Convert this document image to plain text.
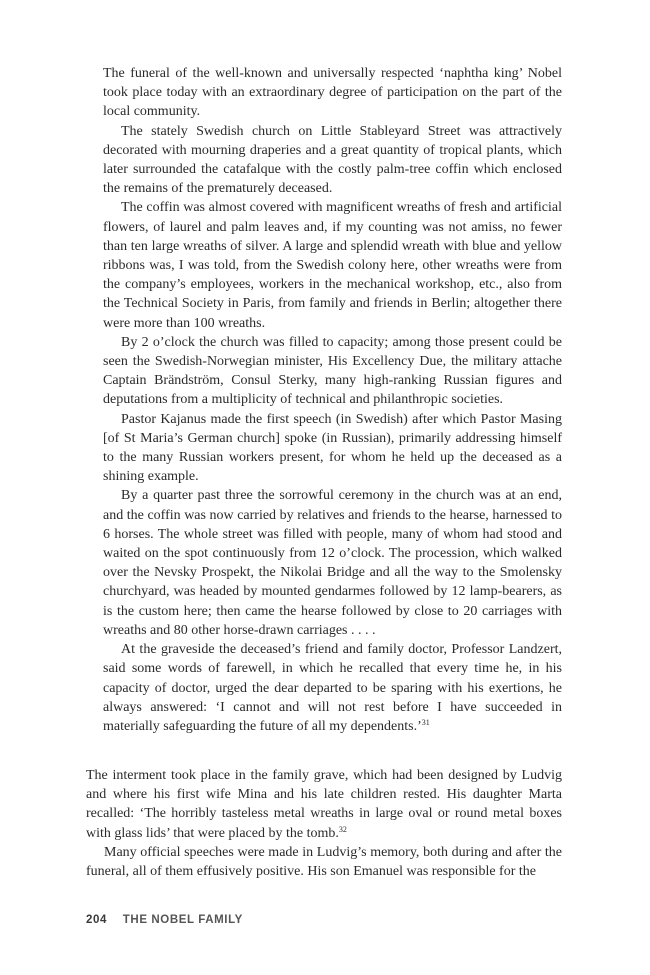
The funeral of the well-known and universally respected ‘naphtha king’ Nobel took place today with an extraordinary degree of participation on the part of the local community.

The stately Swedish church on Little Stableyard Street was attractively decorated with mourning draperies and a great quantity of tropical plants, which later surrounded the catafalque with the costly palm-tree coffin which enclosed the remains of the prematurely deceased.

The coffin was almost covered with magnificent wreaths of fresh and artificial flowers, of laurel and palm leaves and, if my counting was not amiss, no fewer than ten large wreaths of silver. A large and splendid wreath with blue and yellow ribbons was, I was told, from the Swedish colony here, other wreaths were from the company’s employees, workers in the mechanical workshop, etc., also from the Technical Society in Paris, from family and friends in Berlin; altogether there were more than 100 wreaths.

By 2 o’clock the church was filled to capacity; among those present could be seen the Swedish-Norwegian minister, His Excellency Due, the military attache Captain Brändström, Consul Sterky, many high-ranking Russian figures and deputations from a multiplicity of technical and philanthropic societies.

Pastor Kajanus made the first speech (in Swedish) after which Pastor Masing [of St Maria’s German church] spoke (in Russian), primarily addressing himself to the many Russian workers present, for whom he held up the deceased as a shining example.

By a quarter past three the sorrowful ceremony in the church was at an end, and the coffin was now carried by relatives and friends to the hearse, harnessed to 6 horses. The whole street was filled with people, many of whom had stood and waited on the spot continuously from 12 o’clock. The procession, which walked over the Nevsky Prospekt, the Nikolai Bridge and all the way to the Smolensky churchyard, was headed by mounted gendarmes followed by 12 lamp-bearers, as is the custom here; then came the hearse followed by close to 20 carriages with wreaths and 80 other horse-drawn carriages . . . .

At the graveside the deceased’s friend and family doctor, Professor Landzert, said some words of farewell, in which he recalled that every time he, in his capacity of doctor, urged the dear departed to be sparing with his exertions, he always answered: ‘I cannot and will not rest before I have succeeded in materially safeguarding the future of all my dependents.’$^{31}$

The interment took place in the family grave, which had been designed by Ludvig and where his first wife Mina and his late children rested. His daughter Marta recalled: ‘The horribly tasteless metal wreaths in large oval or round metal boxes with glass lids’ that were placed by the tomb.$^{32}$

Many official speeches were made in Ludvig’s memory, both during and after the funeral, all of them effusively positive. His son Emanuel was responsible for the

204 THE NOBEL FAMILY
